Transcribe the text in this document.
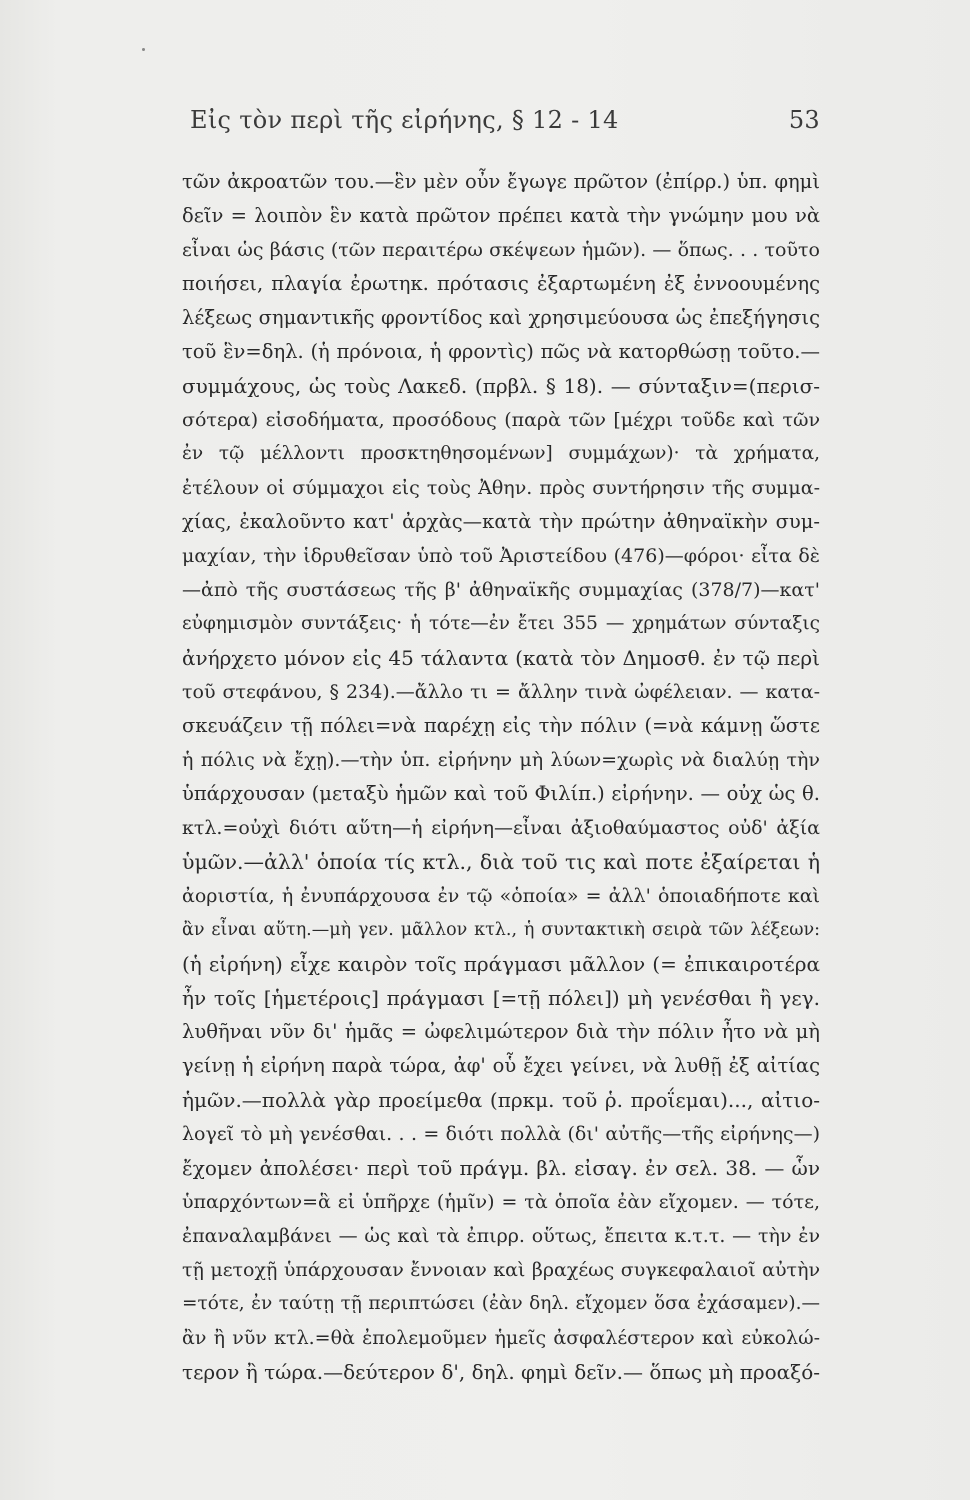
Εἰς τὸν περὶ τῆς εἰρήνης, § 12 - 14	53
τῶν ἀκροατῶν του.—ἓν μὲν οὖν ἔγωγε πρῶτον (ἐπίρρ.) ὑπ. φημὶ
δεῖν = λοιπὸν ἓν κατὰ πρῶτον πρέπει κατὰ τὴν γνώμην μου νὰ
εἶναι ὡς βάσις (τῶν περαιτέρω σκέψεων ἡμῶν). — ὅπως. . . τοῦτο
ποιήσει, πλαγία ἐρωτηκ. πρότασις ἐξαρτωμένη ἐξ ἐννοουμένης
λέξεως σημαντικῆς φροντίδος καὶ χρησιμεύουσα ὡς ἐπεξήγησις
τοῦ ἓν=δηλ. (ἡ πρόνοια, ἡ φροντὶς) πῶς νὰ κατορθώσῃ τοῦτο.—
συμμάχους, ὡς τοὺς Λακεδ. (πρβλ. § 18). — σύνταξιν=(περισ-
σότερα) εἰσοδήματα, προσόδους (παρὰ τῶν [μέχρι τοῦδε καὶ τῶν
ἐν τῷ μέλλοντι προσκτηθησομένων] συμμάχων)· τὰ χρήματα,
ἐτέλουν οἱ σύμμαχοι εἰς τοὺς Ἀθην. πρὸς συντήρησιν τῆς συμμα-
χίας, ἐκαλοῦντο κατ' ἀρχὰς—κατὰ τὴν πρώτην ἀθηναϊκὴν συμ-
μαχίαν, τὴν ἱδρυθεῖσαν ὑπὸ τοῦ Ἀριστείδου (476)—φόροι· εἶτα δὲ
—ἀπὸ τῆς συστάσεως τῆς β' ἀθηναϊκῆς συμμαχίας (378/7)—κατ'
εὐφημισμὸν συντάξεις· ἡ τότε—ἐν ἔτει 355 — χρημάτων σύνταξις
ἀνήρχετο μόνον εἰς 45 τάλαντα (κατὰ τὸν Δημοσθ. ἐν τῷ περὶ
τοῦ στεφάνου, § 234).—ἄλλο τι = ἄλλην τινὰ ὠφέλειαν. — κατα-
σκευάζειν τῇ πόλει=νὰ παρέχῃ εἰς τὴν πόλιν (=νὰ κάμνῃ ὥστε
ἡ πόλις νὰ ἔχῃ).—τὴν ὑπ. εἰρήνην μὴ λύων=χωρὶς νὰ διαλύῃ τὴν
ὑπάρχουσαν (μεταξὺ ἡμῶν καὶ τοῦ Φιλίπ.) εἰρήνην. — οὐχ ὡς θ.
κτλ.=οὐχὶ διότι αὕτη—ἡ εἰρήνη—εἶναι ἀξιοθαύμαστος οὐδ' ἀξία
ὑμῶν.—ἀλλ' ὁποία τίς κτλ., διὰ τοῦ τις καὶ ποτε ἐξαίρεται ἡ
ἀοριστία, ἡ ἐνυπάρχουσα ἐν τῷ «ὁποία» = ἀλλ' ὁποιαδήποτε καὶ
ἂν εἶναι αὕτη.—μὴ γεν. μᾶλλον κτλ., ἡ συντακτικὴ σειρὰ τῶν λέξεων:
(ἡ εἰρήνη) εἶχε καιρὸν τοῖς πράγμασι μᾶλλον (= ἐπικαιροτέρα
ἦν τοῖς [ἡμετέροις] πράγμασι [=τῇ πόλει]) μὴ γενέσθαι ἢ γεγ.
λυθῆναι νῦν δι' ἡμᾶς = ὠφελιμώτερον διὰ τὴν πόλιν ἦτο νὰ μὴ
γείνῃ ἡ εἰρήνη παρὰ τώρα, ἀφ' οὗ ἔχει γείνει, νὰ λυθῇ ἐξ αἰτίας
ἡμῶν.—πολλὰ γὰρ προείμεθα (πρκμ. τοῦ ῥ. προΐεμαι)..., αἰτιο-
λογεῖ τὸ μὴ γενέσθαι. . . = διότι πολλὰ (δι' αὐτῆς—τῆς εἰρήνης—)
ἔχομεν ἀπολέσει· περὶ τοῦ πράγμ. βλ. εἰσαγ. ἐν σελ. 38. — ὧν
ὑπαρχόντων=ἃ εἰ ὑπῆρχε (ἡμῖν) = τὰ ὁποῖα ἐὰν εἴχομεν. — τότε,
ἐπαναλαμβάνει — ὡς καὶ τὰ ἐπιρρ. οὕτως, ἔπειτα κ.τ.τ. — τὴν ἐν
τῇ μετοχῇ ὑπάρχουσαν ἔννοιαν καὶ βραχέως συγκεφαλαιοῖ αὐτὴν
=τότε, ἐν ταύτῃ τῇ περιπτώσει (ἐὰν δηλ. εἴχομεν ὅσα ἐχάσαμεν).—
ἂν ἢ νῦν κτλ.=θὰ ἐπολεμοῦμεν ἡμεῖς ἀσφαλέστερον καὶ εὐκολώ-
τερον ἢ τώρα.—δεύτερον δ', δηλ. φημὶ δεῖν.— ὅπως μὴ προαξό-
